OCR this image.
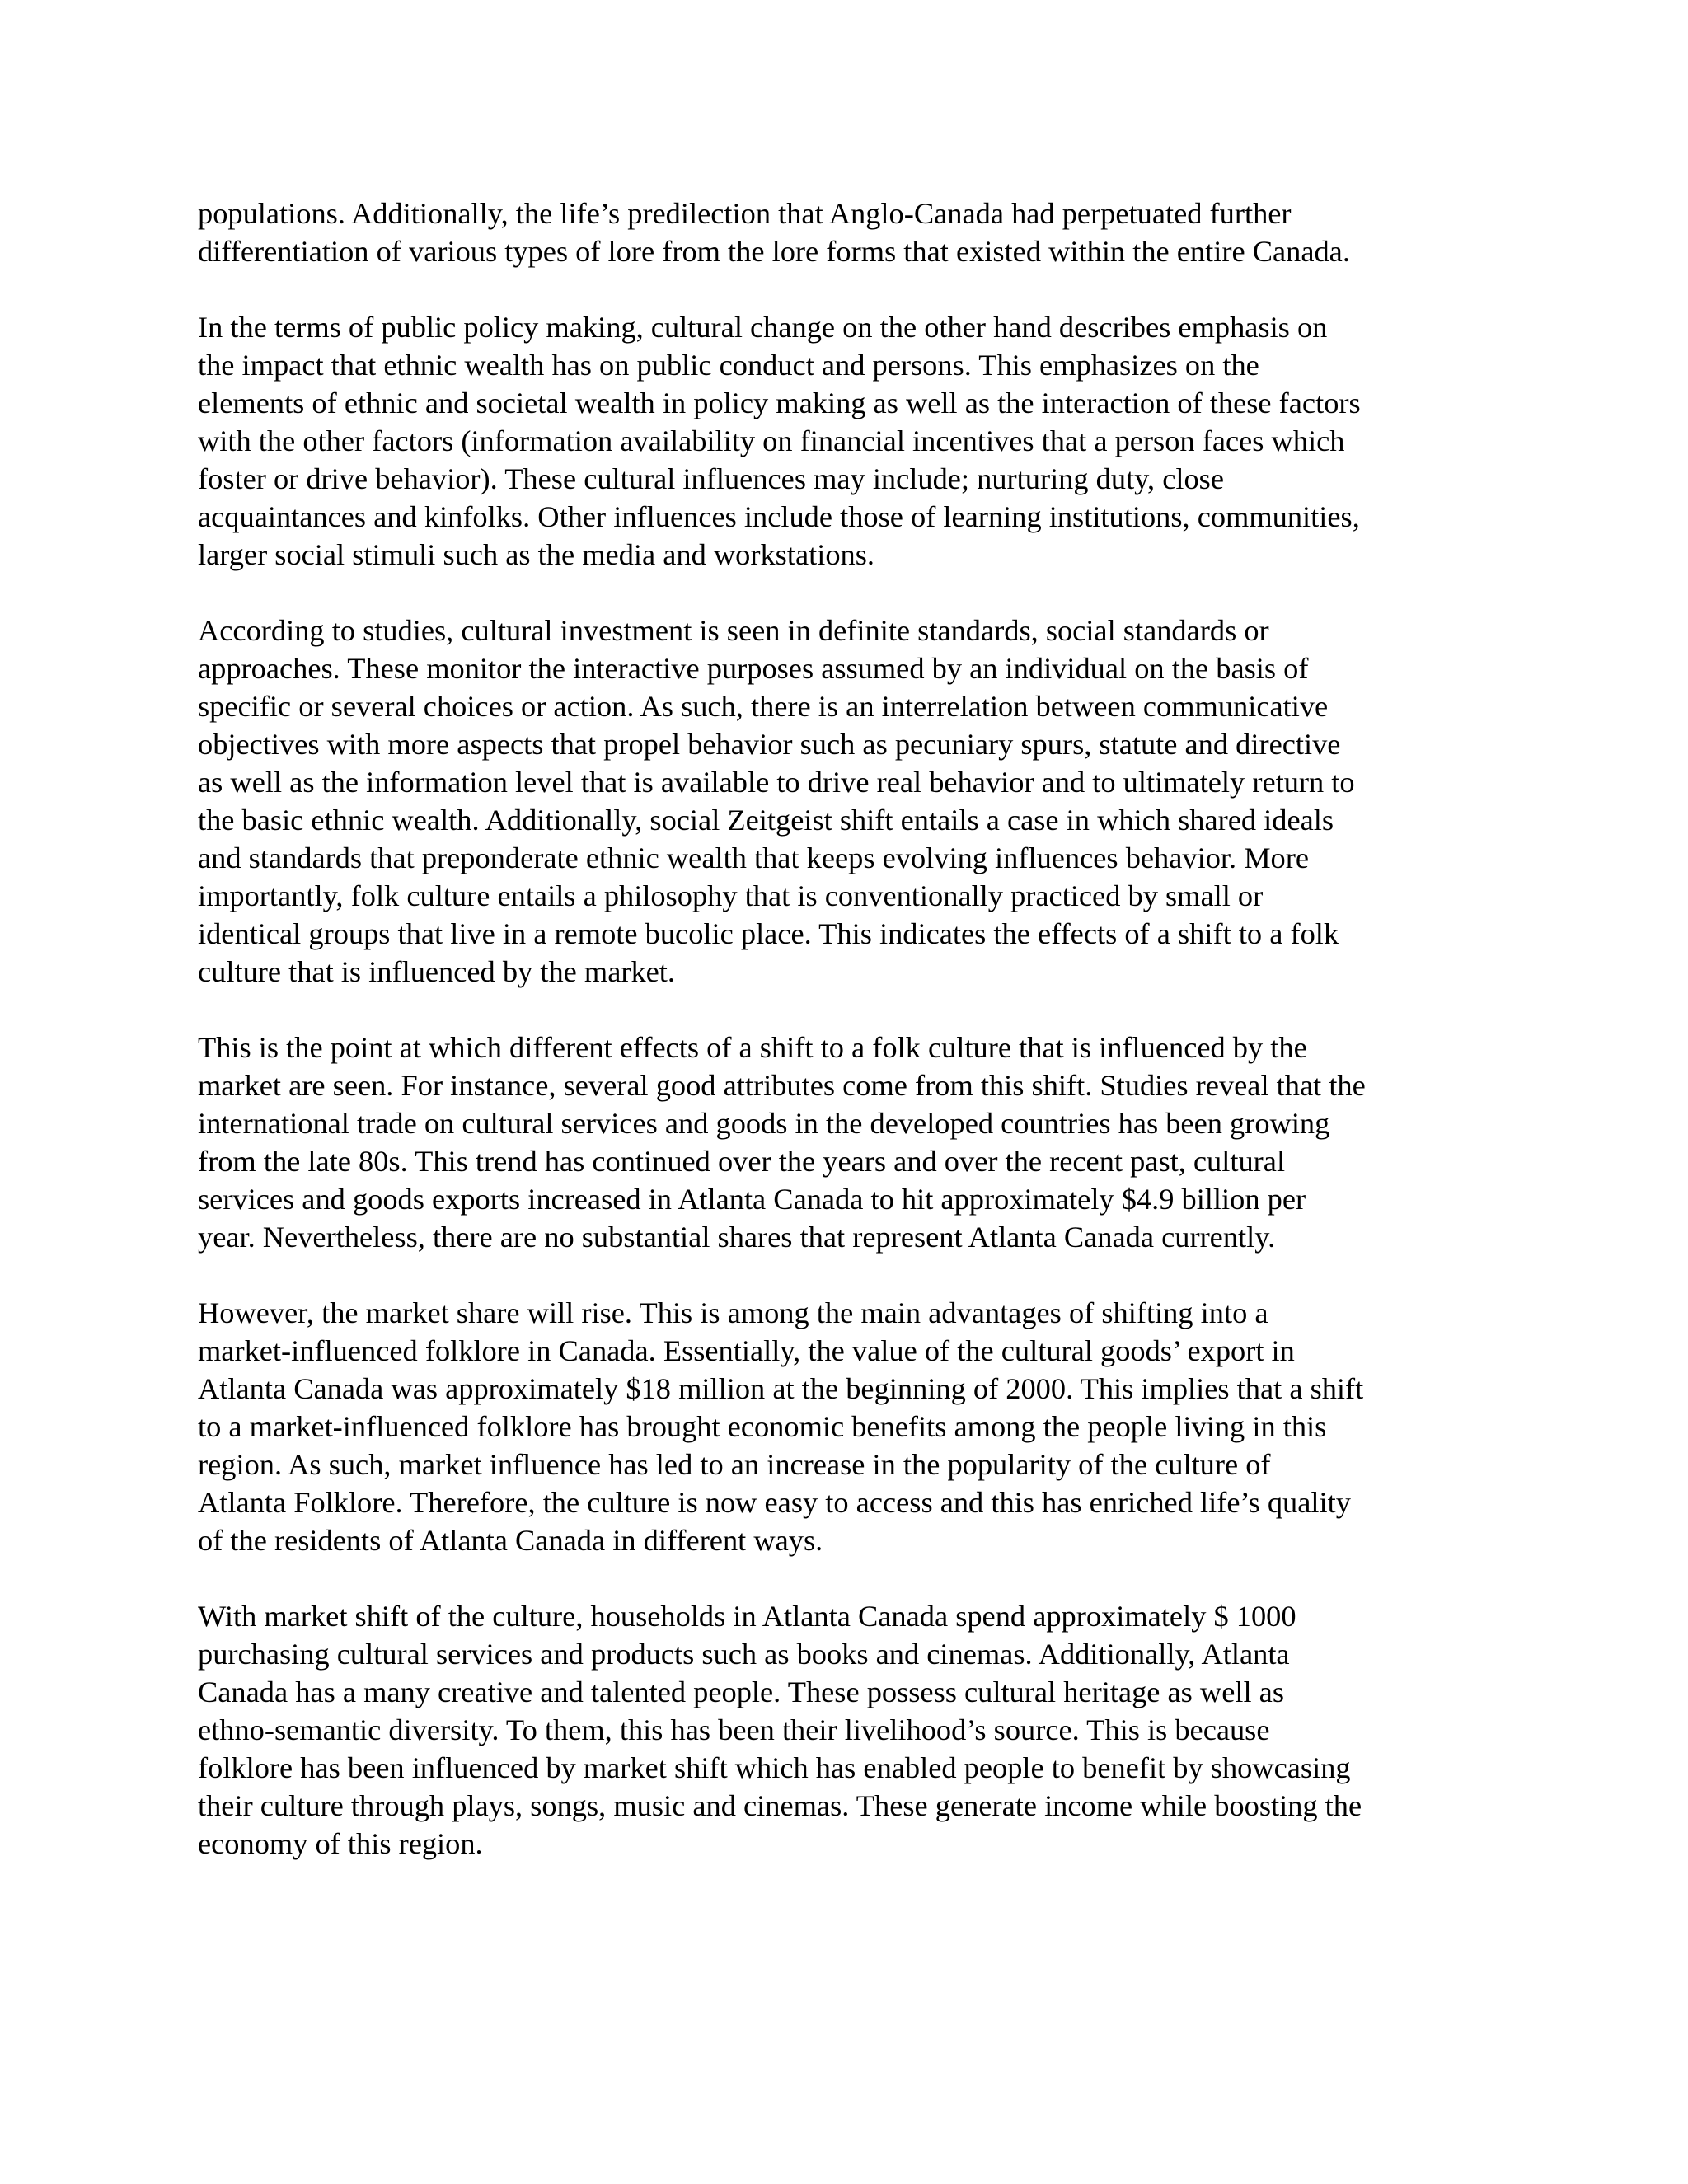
populations. Additionally, the life’s predilection that Anglo-Canada had perpetuated further
differentiation of various types of lore from the lore forms that existed within the entire Canada.

In the terms of public policy making, cultural change on the other hand describes emphasis on
the impact that ethnic wealth has on public conduct and persons. This emphasizes on the
elements of ethnic and societal wealth in policy making as well as the interaction of these factors
with the other factors (information availability on financial incentives that a person faces which
foster or drive behavior). These cultural influences may include; nurturing duty, close
acquaintances and kinfolks. Other influences include those of learning institutions, communities,
larger social stimuli such as the media and workstations.

According to studies, cultural investment is seen in definite standards, social standards or
approaches. These monitor the interactive purposes assumed by an individual on the basis of
specific or several choices or action. As such, there is an interrelation between communicative
objectives with more aspects that propel behavior such as pecuniary spurs, statute and directive
as well as the information level that is available to drive real behavior and to ultimately return to
the basic ethnic wealth. Additionally, social Zeitgeist shift entails a case in which shared ideals
and standards that preponderate ethnic wealth that keeps evolving influences behavior. More
importantly, folk culture entails a philosophy that is conventionally practiced by small or
identical groups that live in a remote bucolic place. This indicates the effects of a shift to a folk
culture that is influenced by the market.

This is the point at which different effects of a shift to a folk culture that is influenced by the
market are seen. For instance, several good attributes come from this shift. Studies reveal that the
international trade on cultural services and goods in the developed countries has been growing
from the late 80s. This trend has continued over the years and over the recent past, cultural
services and goods exports increased in Atlanta Canada to hit approximately $4.9 billion per
year. Nevertheless, there are no substantial shares that represent Atlanta Canada currently.

However, the market share will rise. This is among the main advantages of shifting into a
market-influenced folklore in Canada. Essentially, the value of the cultural goods’ export in
Atlanta Canada was approximately $18 million at the beginning of 2000. This implies that a shift
to a market-influenced folklore has brought economic benefits among the people living in this
region. As such, market influence has led to an increase in the popularity of the culture of
Atlanta Folklore. Therefore, the culture is now easy to access and this has enriched life’s quality
of the residents of Atlanta Canada in different ways.

With market shift of the culture, households in Atlanta Canada spend approximately $ 1000
purchasing cultural services and products such as books and cinemas. Additionally, Atlanta
Canada has a many creative and talented people. These possess cultural heritage as well as
ethno-semantic diversity. To them, this has been their livelihood’s source. This is because
folklore has been influenced by market shift which has enabled people to benefit by showcasing
their culture through plays, songs, music and cinemas. These generate income while boosting the
economy of this region.
